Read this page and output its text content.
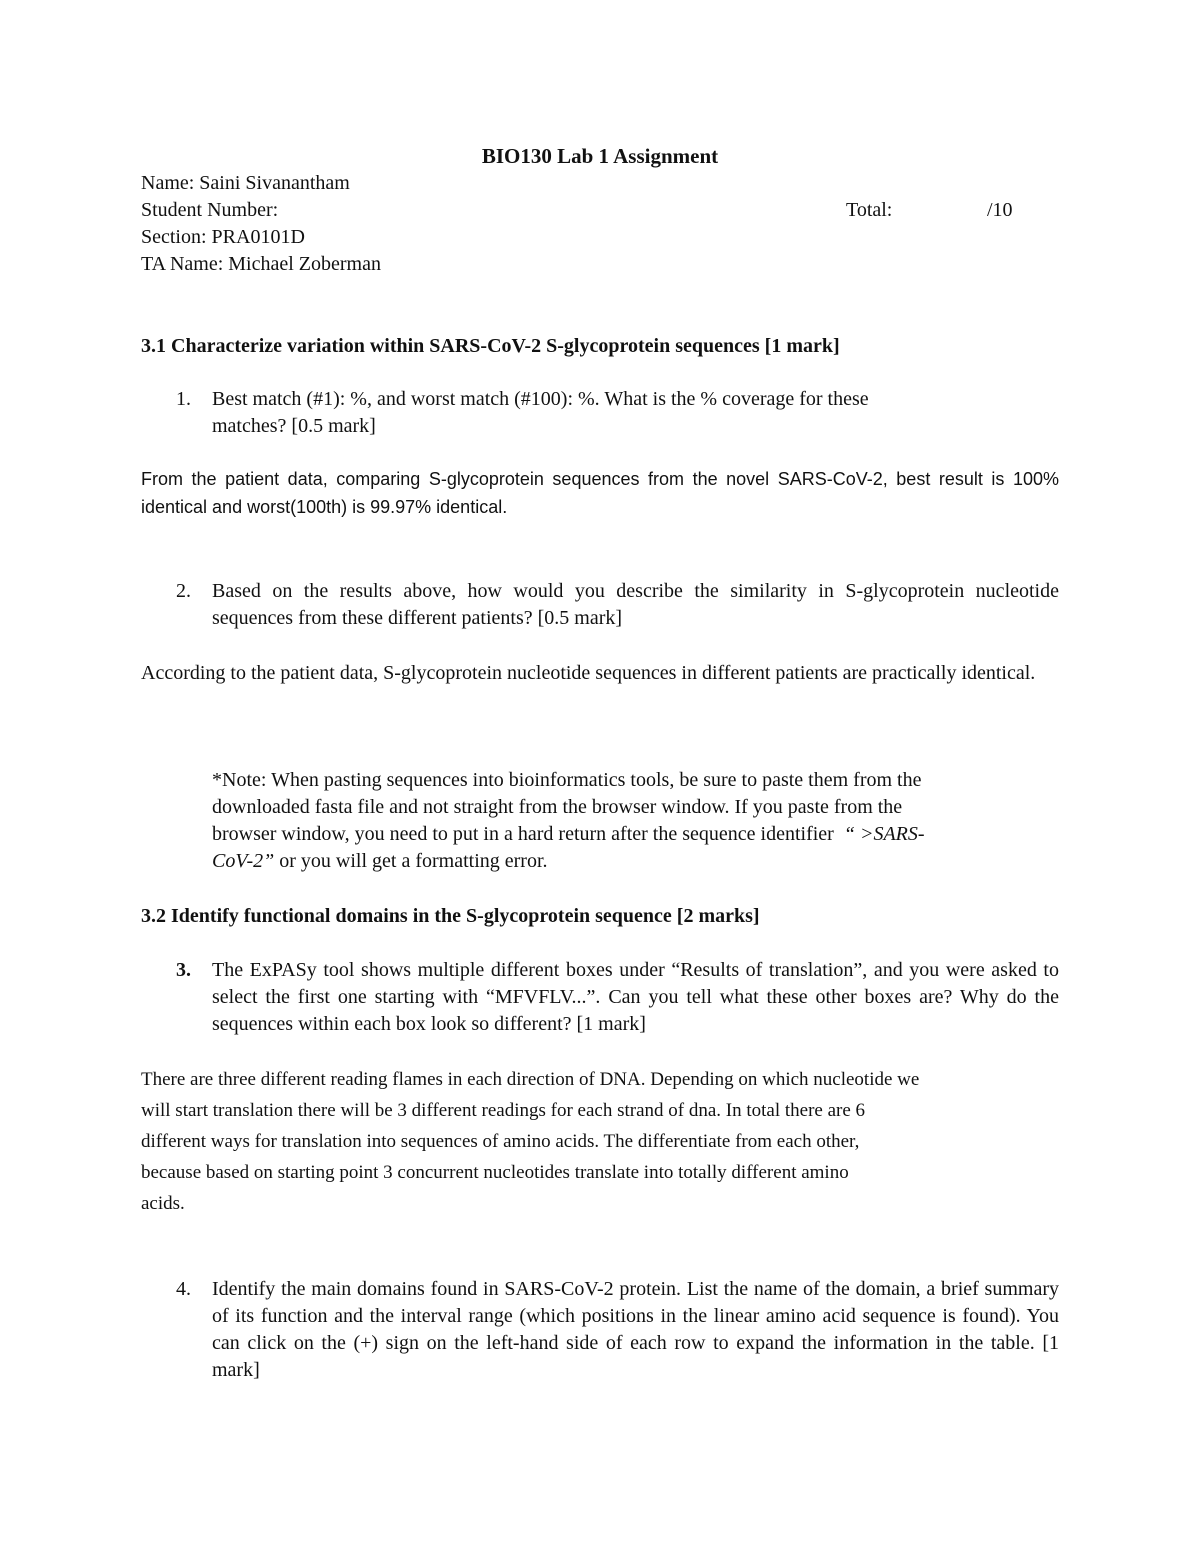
BIO130 Lab 1 Assignment
Name: Saini Sivanantham
Student Number:	Total:	/10
Section: PRA0101D
TA Name: Michael Zoberman
3.1 Characterize variation within SARS-CoV-2 S-glycoprotein sequences [1 mark]
1. Best match (#1): %, and worst match (#100): %. What is the % coverage for these
matches? [0.5 mark]
From the patient data, comparing S-glycoprotein sequences from the novel SARS-CoV-2, best result is 100% identical and worst(100th) is 99.97% identical.
2. Based on the results above, how would you describe the similarity in S-glycoprotein nucleotide sequences from these different patients? [0.5 mark]
According to the patient data, S-glycoprotein nucleotide sequences in different patients are practically identical.
*Note: When pasting sequences into bioinformatics tools, be sure to paste them from the
downloaded fasta file and not straight from the browser window. If you paste from the
browser window, you need to put in a hard return after the sequence identifier  “ >SARS-
CoV-2” or you will get a formatting error.
3.2 Identify functional domains in the S-glycoprotein sequence [2 marks]
3. The ExPASy tool shows multiple different boxes under “Results of translation”, and you were asked to select the first one starting with “MFVFLV...”. Can you tell what these other boxes are? Why do the sequences within each box look so different? [1 mark]
There are three different reading flames in each direction of DNA. Depending on which nucleotide we
will start translation there will be 3 different readings for each strand of dna. In total there are 6
different ways for translation into sequences of amino acids. The differentiate from each other,
because based on starting point 3 concurrent nucleotides translate into totally different amino
acids.
4. Identify the main domains found in SARS-CoV-2 protein. List the name of the domain, a brief summary of its function and the interval range (which positions in the linear amino acid sequence is found). You can click on the (+) sign on the left-hand side of each row to expand the information in the table. [1 mark]
